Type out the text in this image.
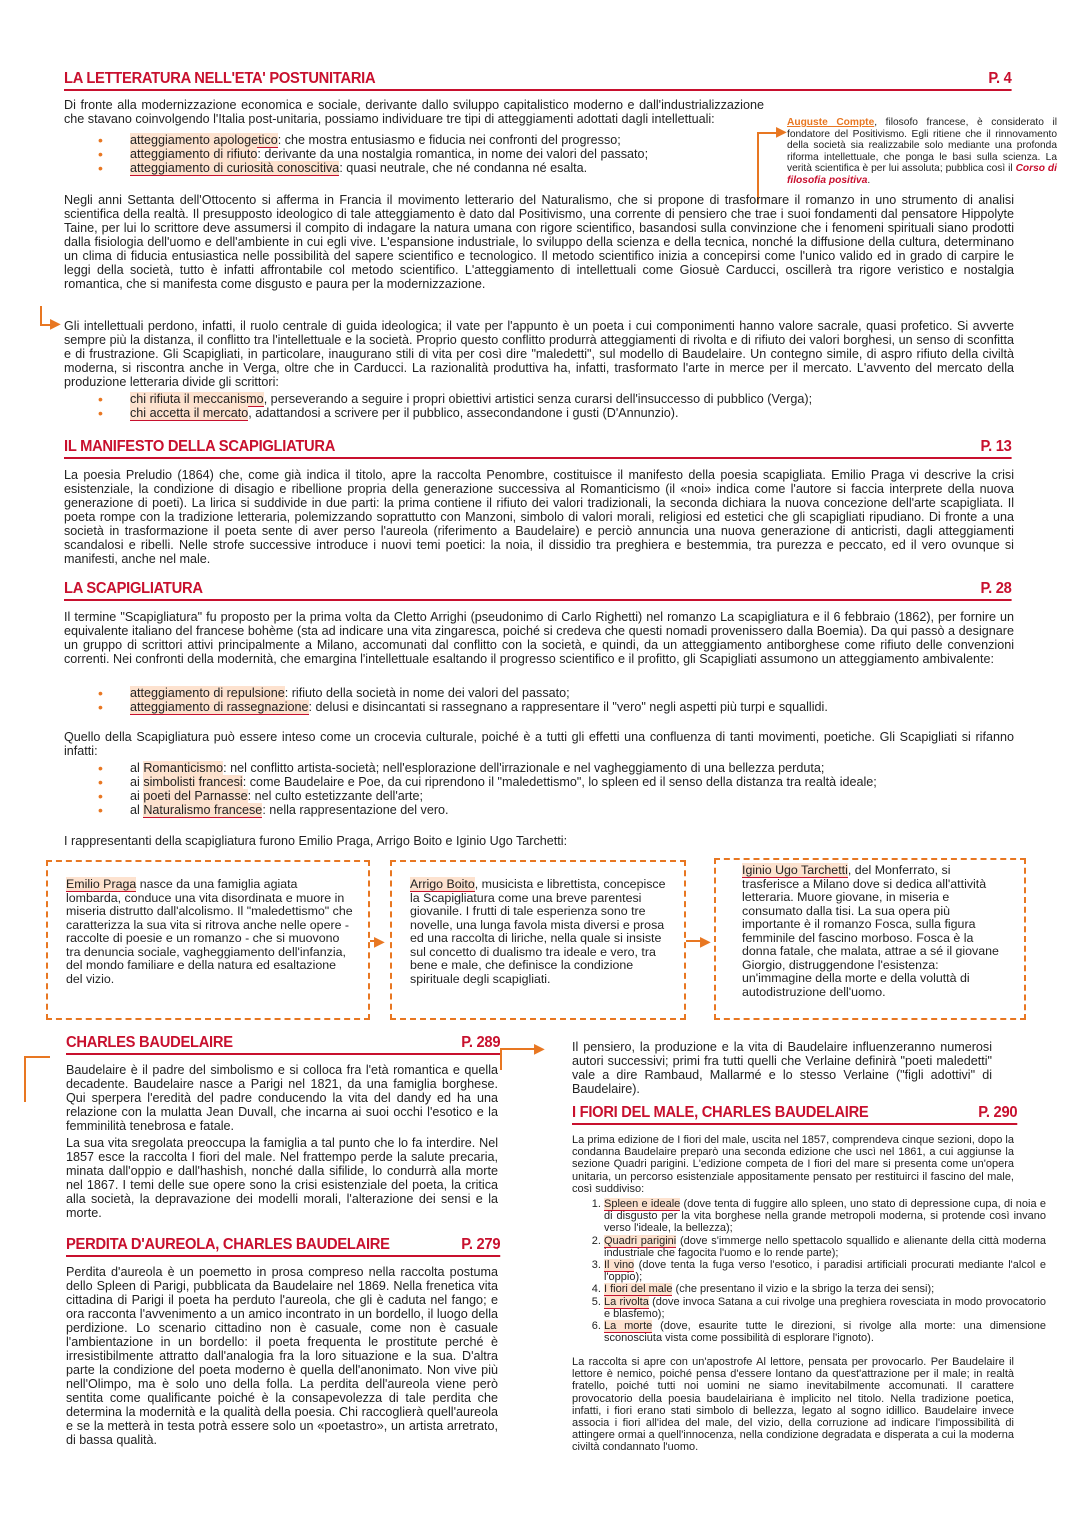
LA LETTERATURA NELL'ETA' POSTUNITARIA	P. 4
Di fronte alla modernizzazione economica e sociale, derivante dallo sviluppo capitalistico moderno e dall'industrializzazione che stavano coinvolgendo l'Italia post-unitaria, possiamo individuare tre tipi di atteggiamenti adottati dagli intellettuali:
• atteggiamento apologetico: che mostra entusiasmo e fiducia nei confronti del progresso;
• atteggiamento di rifiuto: derivante da una nostalgia romantica, in nome dei valori del passato;
• atteggiamento di curiosità conoscitiva: quasi neutrale, che né condanna né esalta.
▶
Auguste Compte, filosofo francese, è considerato il fondatore del Positivismo. Egli ritiene che il rinnovamento della società sia realizzabile solo mediante una profonda riforma intellettuale, che ponga le basi sulla scienza. La verità scientifica è per lui assoluta; pubblica così il Corso di filosofia positiva.
Negli anni Settanta dell'Ottocento si afferma in Francia il movimento letterario del Naturalismo, che si propone di trasformare il romanzo in uno strumento di analisi scientifica della realtà. Il presupposto ideologico di tale atteggiamento è dato dal Positivismo, una corrente di pensiero che trae i suoi fondamenti dal pensatore Hippolyte Taine, per lui lo scrittore deve assumersi il compito di indagare la natura umana con rigore scientifico, basandosi sulla convinzione che i fenomeni spirituali siano prodotti dalla fisiologia dell'uomo e dell'ambiente in cui egli vive. L'espansione industriale, lo sviluppo della scienza e della tecnica, nonché la diffusione della cultura, determinano un clima di fiducia entusiastica nelle possibilità del sapere scientifico e tecnologico. Il metodo scientifico inizia a concepirsi come l'unico valido ed in grado di carpire le leggi della società, tutto è infatti affrontabile col metodo scientifico. L'atteggiamento di intellettuali come Giosuè Carducci, oscillerà tra rigore veristico e nostalgia romantica, che si manifesta come disgusto e paura per la modernizzazione.
▶ Gli intellettuali perdono, infatti, il ruolo centrale di guida ideologica; il vate per l'appunto è un poeta i cui componimenti hanno valore sacrale, quasi profetico. Si avverte sempre più la distanza, il conflitto tra l'intellettuale e la società. Proprio questo conflitto produrrà atteggiamenti di rivolta e di rifiuto dei valori borghesi, un senso di sconfitta e di frustrazione. Gli Scapigliati, in particolare, inaugurano stili di vita per così dire "maledetti", sul modello di Baudelaire. Un contegno simile, di aspro rifiuto della civiltà moderna, si riscontra anche in Verga, oltre che in Carducci. La razionalità produttiva ha, infatti, trasformato l'arte in merce per il mercato. L'avvento del mercato della produzione letteraria divide gli scrittori:
• chi rifiuta il meccanismo, perseverando a seguire i propri obiettivi artistici senza curarsi dell'insuccesso di pubblico (Verga);
• chi accetta il mercato, adattandosi a scrivere per il pubblico, assecondandone i gusti (D'Annunzio).
IL MANIFESTO DELLA SCAPIGLIATURA	P. 13
La poesia Preludio (1864) che, come già indica il titolo, apre la raccolta Penombre, costituisce il manifesto della poesia scapigliata. Emilio Praga vi descrive la crisi esistenziale, la condizione di disagio e ribellione propria della generazione successiva al Romanticismo (il «noi» indica come l'autore si faccia interprete della nuova generazione di poeti). La lirica si suddivide in due parti: la prima contiene il rifiuto dei valori tradizionali, la seconda dichiara la nuova concezione dell'arte scapigliata. Il poeta rompe con la tradizione letteraria, polemizzando soprattutto con Manzoni, simbolo di valori morali, religiosi ed estetici che gli scapigliati ripudiano. Di fronte a una società in trasformazione il poeta sente di aver perso l'aureola (riferimento a Baudelaire) e perciò annuncia una nuova generazione di anticristi, dagli atteggiamenti scandalosi e ribelli. Nelle strofe successive introduce i nuovi temi poetici: la noia, il dissidio tra preghiera e bestemmia, tra purezza e peccato, ed il vero ovunque si manifesti, anche nel male.
LA SCAPIGLIATURA	P. 28
Il termine "Scapigliatura" fu proposto per la prima volta da Cletto Arrighi (pseudonimo di Carlo Righetti) nel romanzo La scapigliatura e il 6 febbraio (1862), per fornire un equivalente italiano del francese bohème (sta ad indicare una vita zingaresca, poiché si credeva che questi nomadi provenissero dalla Boemia). Da qui passò a designare un gruppo di scrittori attivi principalmente a Milano, accomunati dal conflitto con la società, e quindi, da un atteggiamento antiborghese come rifiuto delle convenzioni correnti. Nei confronti della modernità, che emargina l'intellettuale esaltando il progresso scientifico e il profitto, gli Scapigliati assumono un atteggiamento ambivalente:
• atteggiamento di repulsione: rifiuto della società in nome dei valori del passato;
• atteggiamento di rassegnazione: delusi e disincantati si rassegnano a rappresentare il "vero" negli aspetti più turpi e squallidi.
Quello della Scapigliatura può essere inteso come un crocevia culturale, poiché è a tutti gli effetti una confluenza di tanti movimenti, poetiche. Gli Scapigliati si rifanno infatti:
• al Romanticismo: nel conflitto artista-società; nell'esplorazione dell'irrazionale e nel vagheggiamento di una bellezza perduta;
• ai simbolisti francesi: come Baudelaire e Poe, da cui riprendono il "maledettismo", lo spleen ed il senso della distanza tra realtà ideale;
• ai poeti del Parnasse: nel culto estetizzante dell'arte;
• al Naturalismo francese: nella rappresentazione del vero.
I rappresentanti della scapigliatura furono Emilio Praga, Arrigo Boito e Iginio Ugo Tarchetti:
Emilio Praga nasce da una famiglia agiata lombarda, conduce una vita disordinata e muore in miseria distrutto dall'alcolismo. Il "maledettismo" che caratterizza la sua vita si ritrova anche nelle opere - raccolte di poesie e un romanzo - che si muovono tra denuncia sociale, vagheggiamento dell'infanzia, del mondo familiare e della natura ed esaltazione del vizio.
▶
Arrigo Boito, musicista e librettista, concepisce la Scapigliatura come una breve parentesi giovanile. I frutti di tale esperienza sono tre novelle, una lunga favola mista diversi e prosa ed una raccolta di liriche, nella quale si insiste sul concetto di dualismo tra ideale e vero, tra bene e male, che definisce la condizione spirituale degli scapigliati.
▶
Iginio Ugo Tarchetti, del Monferrato, si trasferisce a Milano dove si dedica all'attività letteraria. Muore giovane, in miseria e consumato dalla tisi. La sua opera più importante è il romanzo Fosca, sulla figura femminile del fascino morboso. Fosca è la donna fatale, che malata, attrae a sé il giovane Giorgio, distruggendone l'esistenza: un'immagine della morte e della voluttà di autodistruzione dell'uomo.
CHARLES BAUDELAIRE	P. 289 ▶
Baudelaire è il padre del simbolismo e si colloca fra l'età romantica e quella decadente. Baudelaire nasce a Parigi nel 1821, da una famiglia borghese. Qui sperpera l'eredità del padre conducendo la vita del dandy ed ha una relazione con la mulatta Jean Duvall, che incarna ai suoi occhi l'esotico e la femminilità tenebrosa e fatale.
La sua vita sregolata preoccupa la famiglia a tal punto che lo fa interdire. Nel 1857 esce la raccolta I fiori del male. Nel frattempo perde la salute precaria, minata dall'oppio e dall'hashish, nonché dalla sifilide, lo condurrà alla morte nel 1867. I temi delle sue opere sono la crisi esistenziale del poeta, la critica alla società, la depravazione dei modelli morali, l'alterazione dei sensi e la morte.
Il pensiero, la produzione e la vita di Baudelaire influenzeranno numerosi autori successivi; primi fra tutti quelli che Verlaine definirà "poeti maledetti" vale a dire Rambaud, Mallarmé e lo stesso Verlaine ("figli adottivi" di Baudelaire).
PERDITA D'AUREOLA, CHARLES BAUDELAIRE	P. 279
Perdita d'aureola è un poemetto in prosa compreso nella raccolta postuma dello Spleen di Parigi, pubblicata da Baudelaire nel 1869. Nella frenetica vita cittadina di Parigi il poeta ha perduto l'aureola, che gli è caduta nel fango; e ora racconta l'avvenimento a un amico incontrato in un bordello, il luogo della perdizione. Lo scenario cittadino non è casuale, come non è casuale l'ambientazione in un bordello: il poeta frequenta le prostitute perché è irresistibilmente attratto dall'analogia fra la loro situazione e la sua. D'altra parte la condizione del poeta moderno è quella dell'anonimato. Non vive più nell'Olimpo, ma è solo uno della folla. La perdita dell'aureola viene però sentita come qualificante poiché è la consapevolezza di tale perdita che determina la modernità e la qualità della poesia. Chi raccoglierà quell'aureola e se la metterà in testa potrà essere solo un «poetastro», un artista arretrato, di bassa qualità.
I FIORI DEL MALE, CHARLES BAUDELAIRE	P. 290
La prima edizione de I fiori del male, uscita nel 1857, comprendeva cinque sezioni, dopo la condanna Baudelaire preparò una seconda edizione che uscì nel 1861, a cui aggiunse la sezione Quadri parigini. L'edizione competa de I fiori del mare si presenta come un'opera unitaria, un percorso esistenziale appositamente pensato per restituirci il fascino del male, così suddiviso:
1. Spleen e ideale (dove tenta di fuggire allo spleen, uno stato di depressione cupa, di noia e di disgusto per la vita borghese nella grande metropoli moderna, si protende così invano verso l'ideale, la bellezza);
2. Quadri parigini (dove s'immerge nello spettacolo squallido e alienante della città moderna industriale che fagocita l'uomo e lo rende parte);
3. Il vino (dove tenta la fuga verso l'esotico, i paradisi artificiali procurati mediante l'alcol e l'oppio);
4. I fiori del male (che presentano il vizio e la sbrigo la terza dei sensi);
5. La rivolta (dove invoca Satana a cui rivolge una preghiera rovesciata in modo provocatorio e blasfemo);
6. La morte (dove, esaurite tutte le direzioni, si rivolge alla morte: una dimensione sconosciuta vista come possibilità di esplorare l'ignoto).
La raccolta si apre con un'apostrofe Al lettore, pensata per provocarlo. Per Baudelaire il lettore è nemico, poiché pensa d'essere lontano da quest'attrazione per il male; in realtà fratello, poiché tutti noi uomini ne siamo inevitabilmente accomunati. Il carattere provocatorio della poesia baudelairiana è implicito nel titolo. Nella tradizione poetica, infatti, i fiori erano stati simbolo di bellezza, legato al sogno idillico. Baudelaire invece associa i fiori all'idea del male, del vizio, della corruzione ad indicare l'impossibilità di attingere ormai a quell'innocenza, nella condizione degradata e disperata a cui la moderna civiltà condannato l'uomo.
